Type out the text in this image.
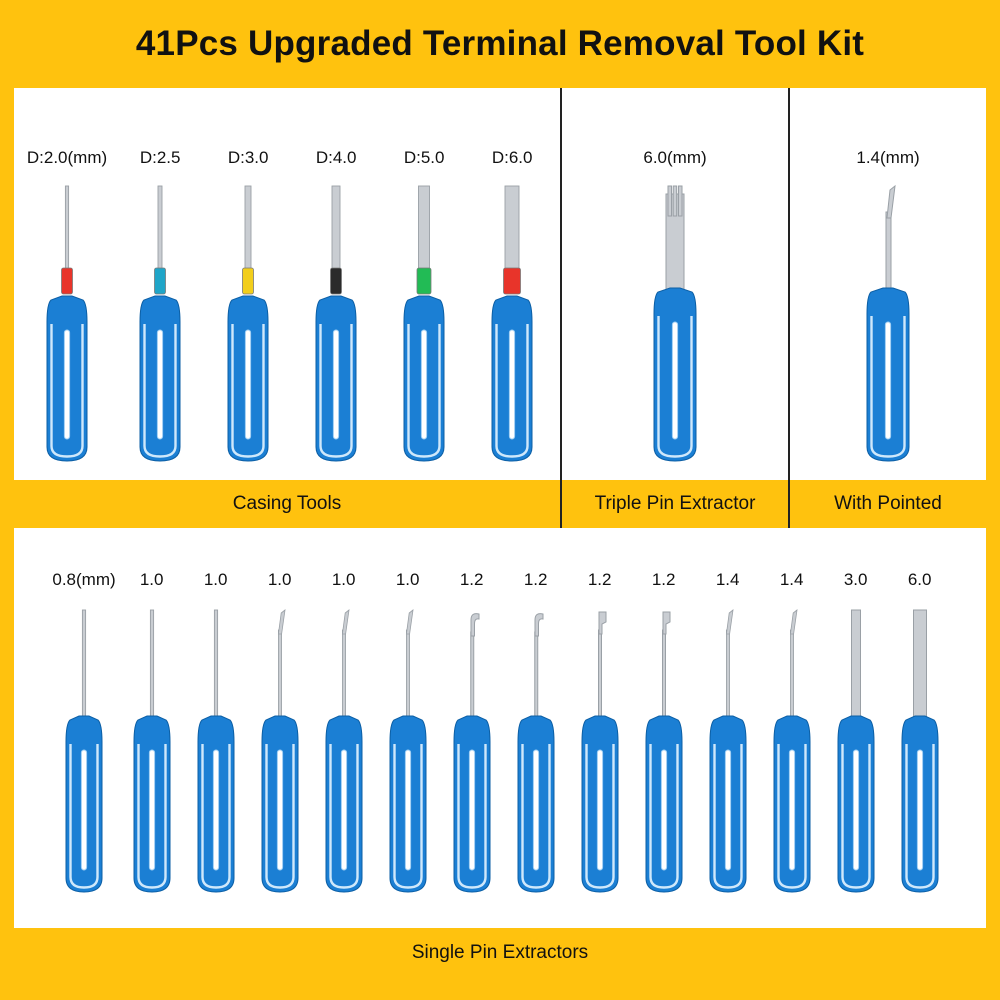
41Pcs Upgraded Terminal Removal Tool Kit
D:2.0(mm) D:2.5	D:3.0	D:4.0	D:5.0	D:6.0	6.0(mm)	1.4(mm)
Casing Tools	Triple Pin Extractor	With Pointed
0.8(mm) 1.0 1.0 1.0 1.0 1.0 1.2 1.2 1.2 1.2 1.4 1.4 3.0 6.0
Single Pin Extractors
